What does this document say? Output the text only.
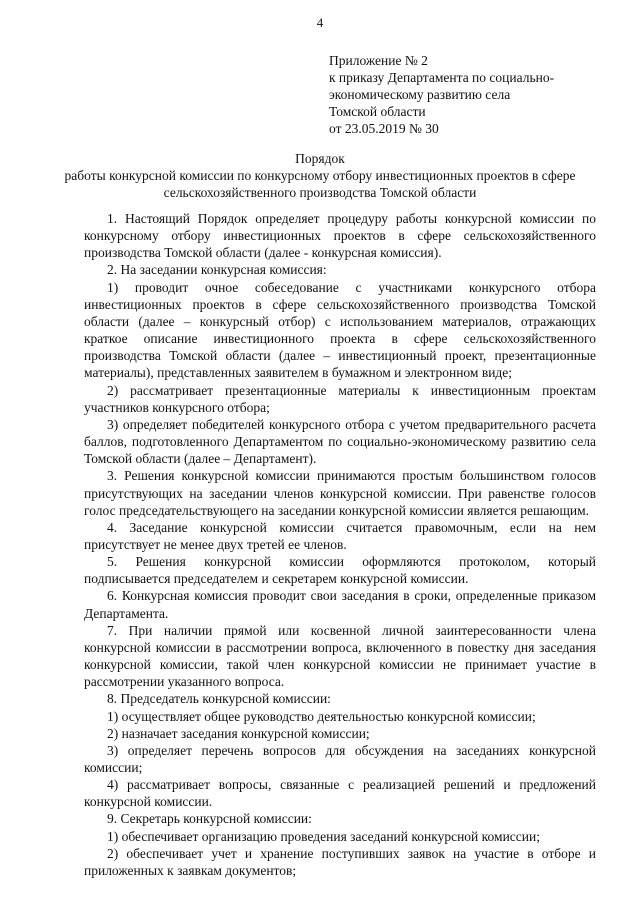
4
Приложение № 2
к приказу Департамента по социально-
экономическому развитию села
Томской области
от 23.05.2019 № 30
Порядок
работы конкурсной комиссии по конкурсному отбору инвестиционных проектов в сфере сельскохозяйственного производства Томской области

1. Настоящий Порядок определяет процедуру работы конкурсной комиссии по конкурсному отбору инвестиционных проектов в сфере сельскохозяйственного производства Томской области (далее - конкурсная комиссия).

2. На заседании конкурсная комиссия:

1) проводит очное собеседование с участниками конкурсного отбора инвестиционных проектов в сфере сельскохозяйственного производства Томской области (далее – конкурсный отбор) с использованием материалов, отражающих краткое описание инвестиционного проекта в сфере сельскохозяйственного производства Томской области (далее – инвестиционный проект, презентационные материалы), представленных заявителем в бумажном и электронном виде;

2) рассматривает презентационные материалы к инвестиционным проектам участников конкурсного отбора;

3) определяет победителей конкурсного отбора с учетом предварительного расчета баллов, подготовленного Департаментом по социально-экономическому развитию села Томской области (далее – Департамент).

3. Решения конкурсной комиссии принимаются простым большинством голосов присутствующих на заседании членов конкурсной комиссии. При равенстве голосов голос председательствующего на заседании конкурсной комиссии является решающим.

4. Заседание конкурсной комиссии считается правомочным, если на нем присутствует не менее двух третей ее членов.

5. Решения конкурсной комиссии оформляются протоколом, который подписывается председателем и секретарем конкурсной комиссии.

6. Конкурсная комиссия проводит свои заседания в сроки, определенные приказом Департамента.

7. При наличии прямой или косвенной личной заинтересованности члена конкурсной комиссии в рассмотрении вопроса, включенного в повестку дня заседания конкурсной комиссии, такой член конкурсной комиссии не принимает участие в рассмотрении указанного вопроса.

8. Председатель конкурсной комиссии:

1) осуществляет общее руководство деятельностью конкурсной комиссии;

2) назначает заседания конкурсной комиссии;

3) определяет перечень вопросов для обсуждения на заседаниях конкурсной комиссии;

4) рассматривает вопросы, связанные с реализацией решений и предложений конкурсной комиссии.

9. Секретарь конкурсной комиссии:

1) обеспечивает организацию проведения заседаний конкурсной комиссии;

2) обеспечивает учет и хранение поступивших заявок на участие в отборе и приложенных к заявкам документов;
